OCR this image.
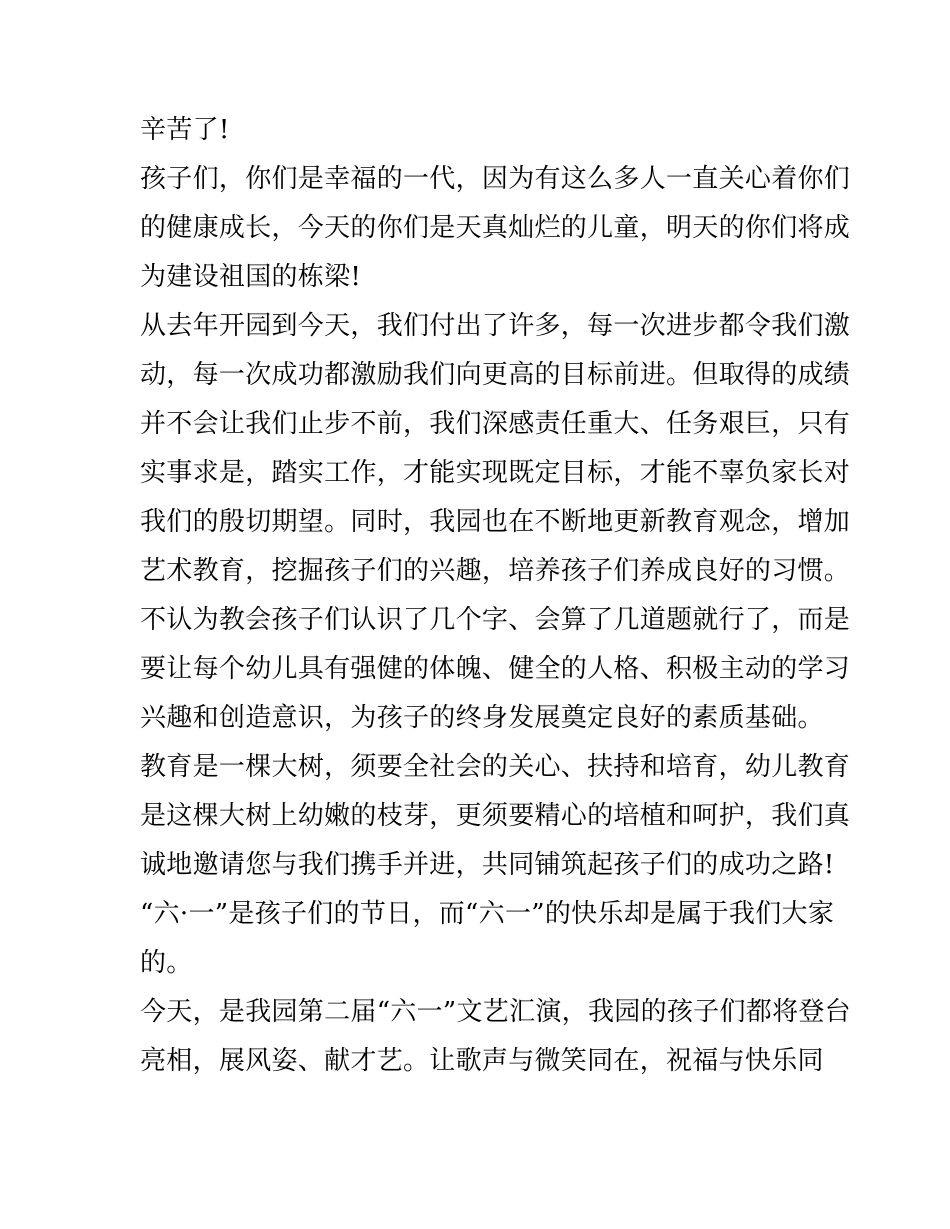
辛苦了!
孩子们，你们是幸福的一代，因为有这么多人一直关心着你们
的健康成长，今天的你们是天真灿烂的儿童，明天的你们将成
为建设祖国的栋梁!
从去年开园到今天，我们付出了许多，每一次进步都令我们激
动，每一次成功都激励我们向更高的目标前进。但取得的成绩
并不会让我们止步不前，我们深感责任重大、任务艰巨，只有
实事求是，踏实工作，才能实现既定目标，才能不辜负家长对
我们的殷切期望。同时，我园也在不断地更新教育观念，增加
艺术教育，挖掘孩子们的兴趣，培养孩子们养成良好的习惯。
不认为教会孩子们认识了几个字、会算了几道题就行了，而是
要让每个幼儿具有强健的体魄、健全的人格、积极主动的学习
兴趣和创造意识，为孩子的终身发展奠定良好的素质基础。
教育是一棵大树，须要全社会的关心、扶持和培育，幼儿教育
是这棵大树上幼嫩的枝芽，更须要精心的培植和呵护，我们真
诚地邀请您与我们携手并进，共同铺筑起孩子们的成功之路!
“六·一”是孩子们的节日，而“六一”的快乐却是属于我们大家
的。
今天，是我园第二届“六一”文艺汇演，我园的孩子们都将登台
亮相，展风姿、献才艺。让歌声与微笑同在，祝福与快乐同
